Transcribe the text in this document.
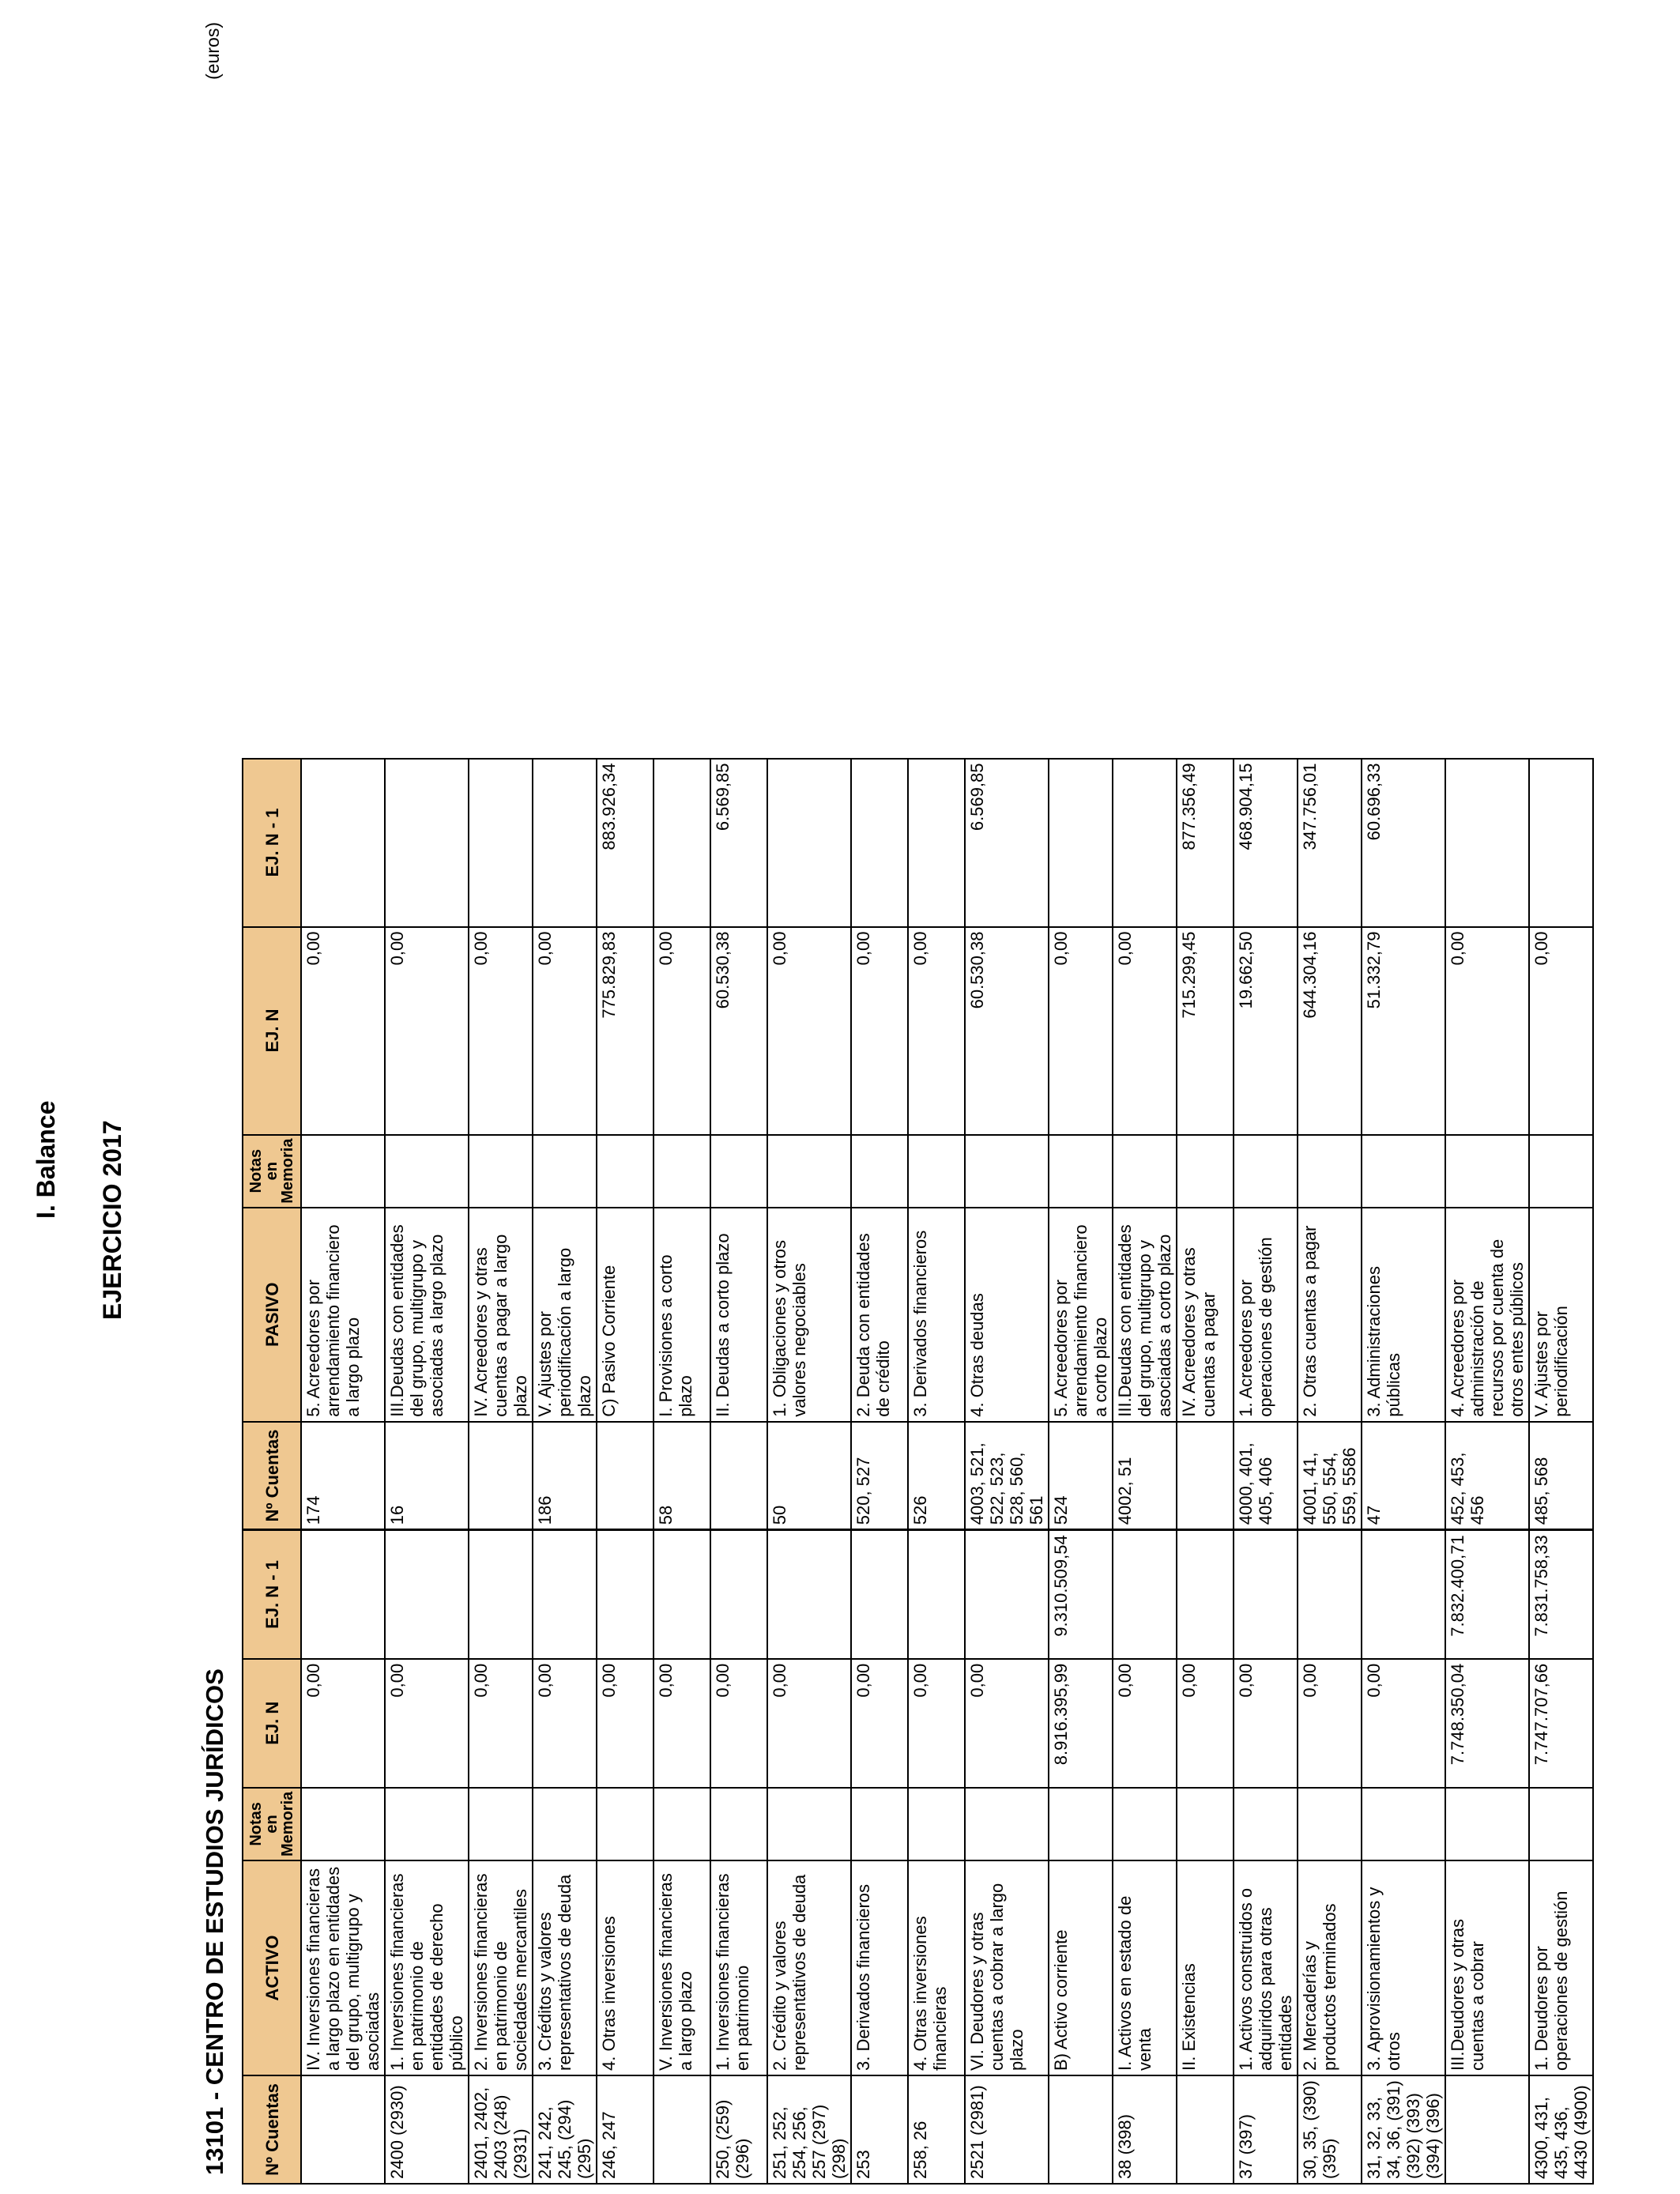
I. Balance EJERCICIO 2017
13101 - CENTRO DE ESTUDIOS JURÍDICOS
(euros)
Nº Cuentas	ACTIVO	Notas en Memoria	EJ. N	EJ. N - 1	Nº Cuentas	PASIVO	Notas en Memoria	EJ. N	EJ. N - 1
	IV. Inversiones financieras a largo plazo en entidades del grupo, multigrupo y asociadas		0,00		174	5. Acreedores por arrendamiento financiero a largo plazo		0,00	
2400 (2930)	1. Inversiones financieras en patrimonio de entidades de derecho público		0,00		16	III.Deudas con entidades del grupo, multigrupo y asociadas a largo plazo		0,00	
2401, 2402, 2403 (248) (2931)	2. Inversiones financieras en patrimonio de sociedades mercantiles		0,00			IV. Acreedores y otras cuentas a pagar a largo plazo		0,00	
241, 242, 245, (294) (295)	3. Créditos y valores representativos de deuda		0,00		186	V. Ajustes por periodificación a largo plazo		0,00	
246, 247	4. Otras inversiones		0,00			C) Pasivo Corriente		775.829,83	883.926,34
	V. Inversiones financieras a largo plazo		0,00		58	I. Provisiones a corto plazo		0,00	
250, (259) (296)	1. Inversiones financieras en patrimonio		0,00			II. Deudas a corto plazo		60.530,38	6.569,85
251, 252, 254, 256, 257 (297) (298)	2. Crédito y valores representativos de deuda		0,00		50	1. Obligaciones y otros valores negociables		0,00	
253	3. Derivados financieros		0,00		520, 527	2. Deuda con entidades de crédito		0,00	
258, 26	4. Otras inversiones financieras		0,00		526	3. Derivados financieros		0,00	
2521 (2981)	VI. Deudores y otras cuentas a cobrar a largo plazo		0,00		4003, 521, 522, 523, 528, 560, 561	4. Otras deudas		60.530,38	6.569,85
	B) Activo corriente		8.916.395,99	9.310.509,54	524	5. Acreedores por arrendamiento financiero a corto plazo		0,00	
38 (398)	I. Activos en estado de venta		0,00		4002, 51	III.Deudas con entidades del grupo, multigrupo y asociadas a corto plazo		0,00	
	II. Existencias		0,00			IV. Acreedores y otras cuentas a pagar		715.299,45	877.356,49
37 (397)	1. Activos construidos o adquiridos para otras entidades		0,00		4000, 401, 405, 406	1. Acreedores por operaciones de gestión		19.662,50	468.904,15
30, 35, (390) (395)	2. Mercaderías y productos terminados		0,00		4001, 41, 550, 554, 559, 5586	2. Otras cuentas a pagar		644.304,16	347.756,01
31, 32, 33, 34, 36, (391) (392) (393) (394) (396)	3. Aprovisionamientos y otros		0,00		47	3. Administraciones públicas		51.332,79	60.696,33
	III.Deudores y otras cuentas a cobrar		7.748.350,04	7.832.400,71	452, 453, 456	4. Acreedores por administración de recursos por cuenta de otros entes públicos		0,00	
4300, 431, 435, 436, 4430 (4900)	1. Deudores por operaciones de gestión		7.747.707,66	7.831.758,33	485, 568	V. Ajustes por periodificación		0,00	
